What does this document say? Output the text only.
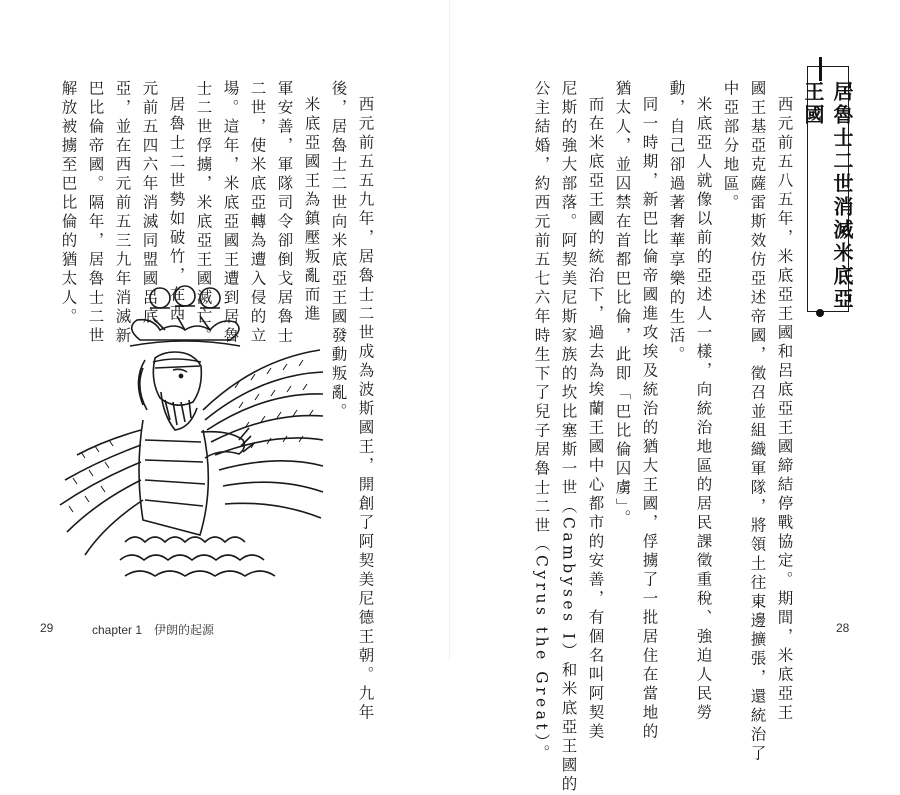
居魯士二世消滅米底亞王國
西元前五八五年，米底亞王國和呂底亞王國締結停戰協定。期間，米底亞王
國王基亞克薩雷斯效仿亞述帝國，徵召並組織軍隊，將領土往東邊擴張，還統治了
中亞部分地區。
米底亞人就像以前的亞述人一樣，向統治地區的居民課徵重稅、強迫人民勞
動，自己卻過著奢華享樂的生活。
同一時期，新巴比倫帝國進攻埃及統治的猶大王國，俘擄了一批居住在當地的
猶太人，並囚禁在首都巴比倫，此即「巴比倫囚虜」。
而在米底亞王國的統治下，過去為埃蘭王國中心都市的安善，有個名叫阿契美
尼斯的強大部落。阿契美尼斯家族的坎比塞斯一世（Cambyses I）和米底亞王國的
公主結婚，約西元前五七六年時生下了兒子居魯士二世（Cyrus the Great）。	28
西元前五五九年，居魯士二世成為波斯國王，開創了阿契美尼德王朝。九年
後，居魯士二世向米底亞王國發動叛亂。
米底亞國王為鎮壓叛亂而進
軍安善，軍隊司令卻倒戈居魯士
二世，使米底亞轉為遭入侵的立
場。這年，米底亞國王遭到居魯
士二世俘擄，米底亞王國滅亡。
居魯士二世勢如破竹，在西
元前五四六年消滅同盟國呂底
亞，並在西元前五三九年消滅新
巴比倫帝國。隔年，居魯士二世
解放被擄至巴比倫的猶太人。
29	chapter 1　伊朗的起源
